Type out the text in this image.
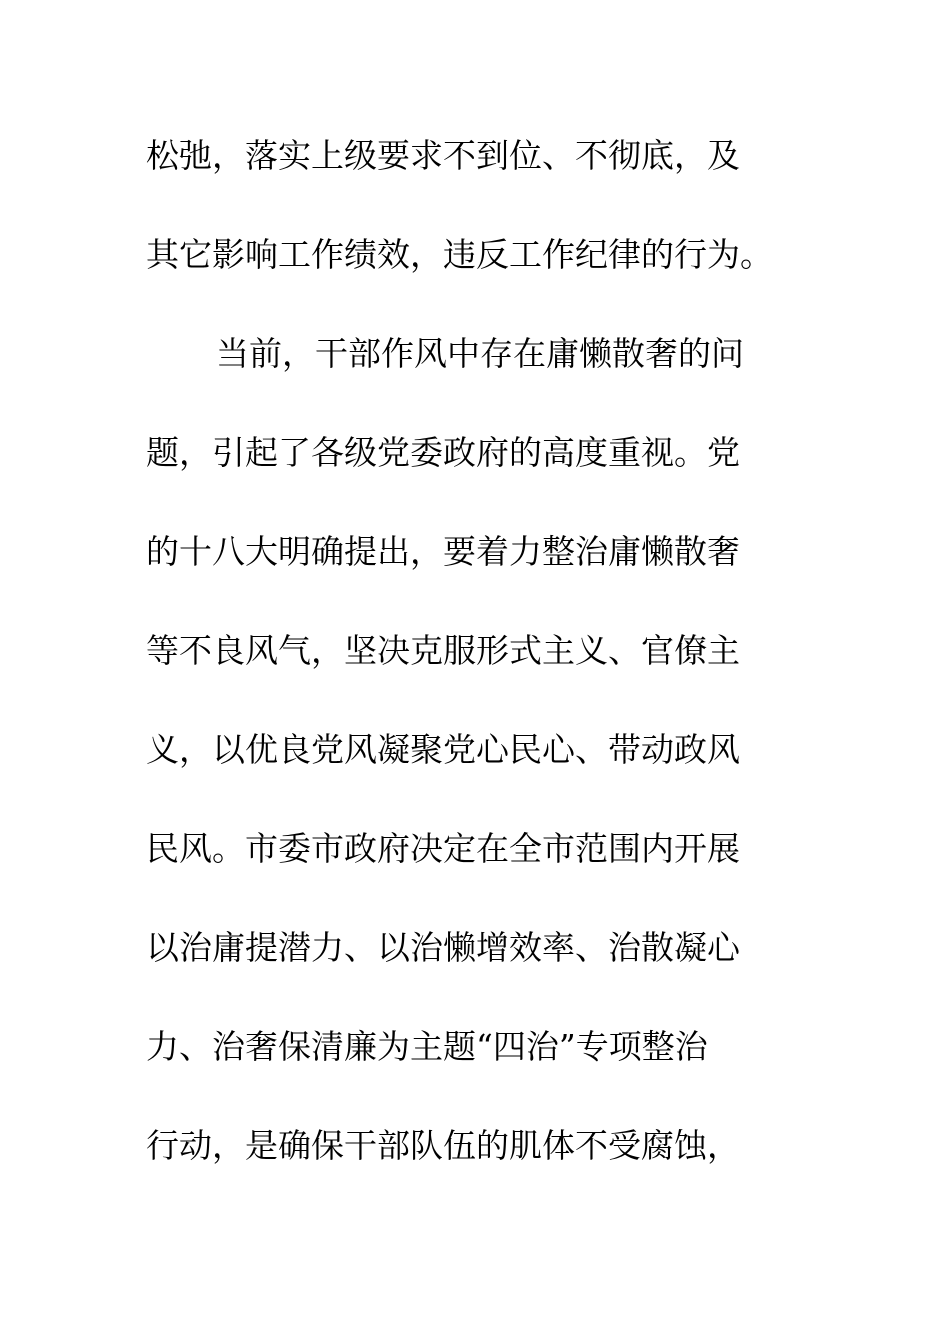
松弛，落实上级要求不到位、不彻底，及
其它影响工作绩效，违反工作纪律的行为。
当前，干部作风中存在庸懒散奢的问
题，引起了各级党委政府的高度重视。党
的十八大明确提出，要着力整治庸懒散奢
等不良风气，坚决克服形式主义、官僚主
义，以优良党风凝聚党心民心、带动政风
民风。市委市政府决定在全市范围内开展
以治庸提潜力、以治懒增效率、治散凝心
力、治奢保清廉为主题“四治”专项整治
行动，是确保干部队伍的肌体不受腐蚀，
